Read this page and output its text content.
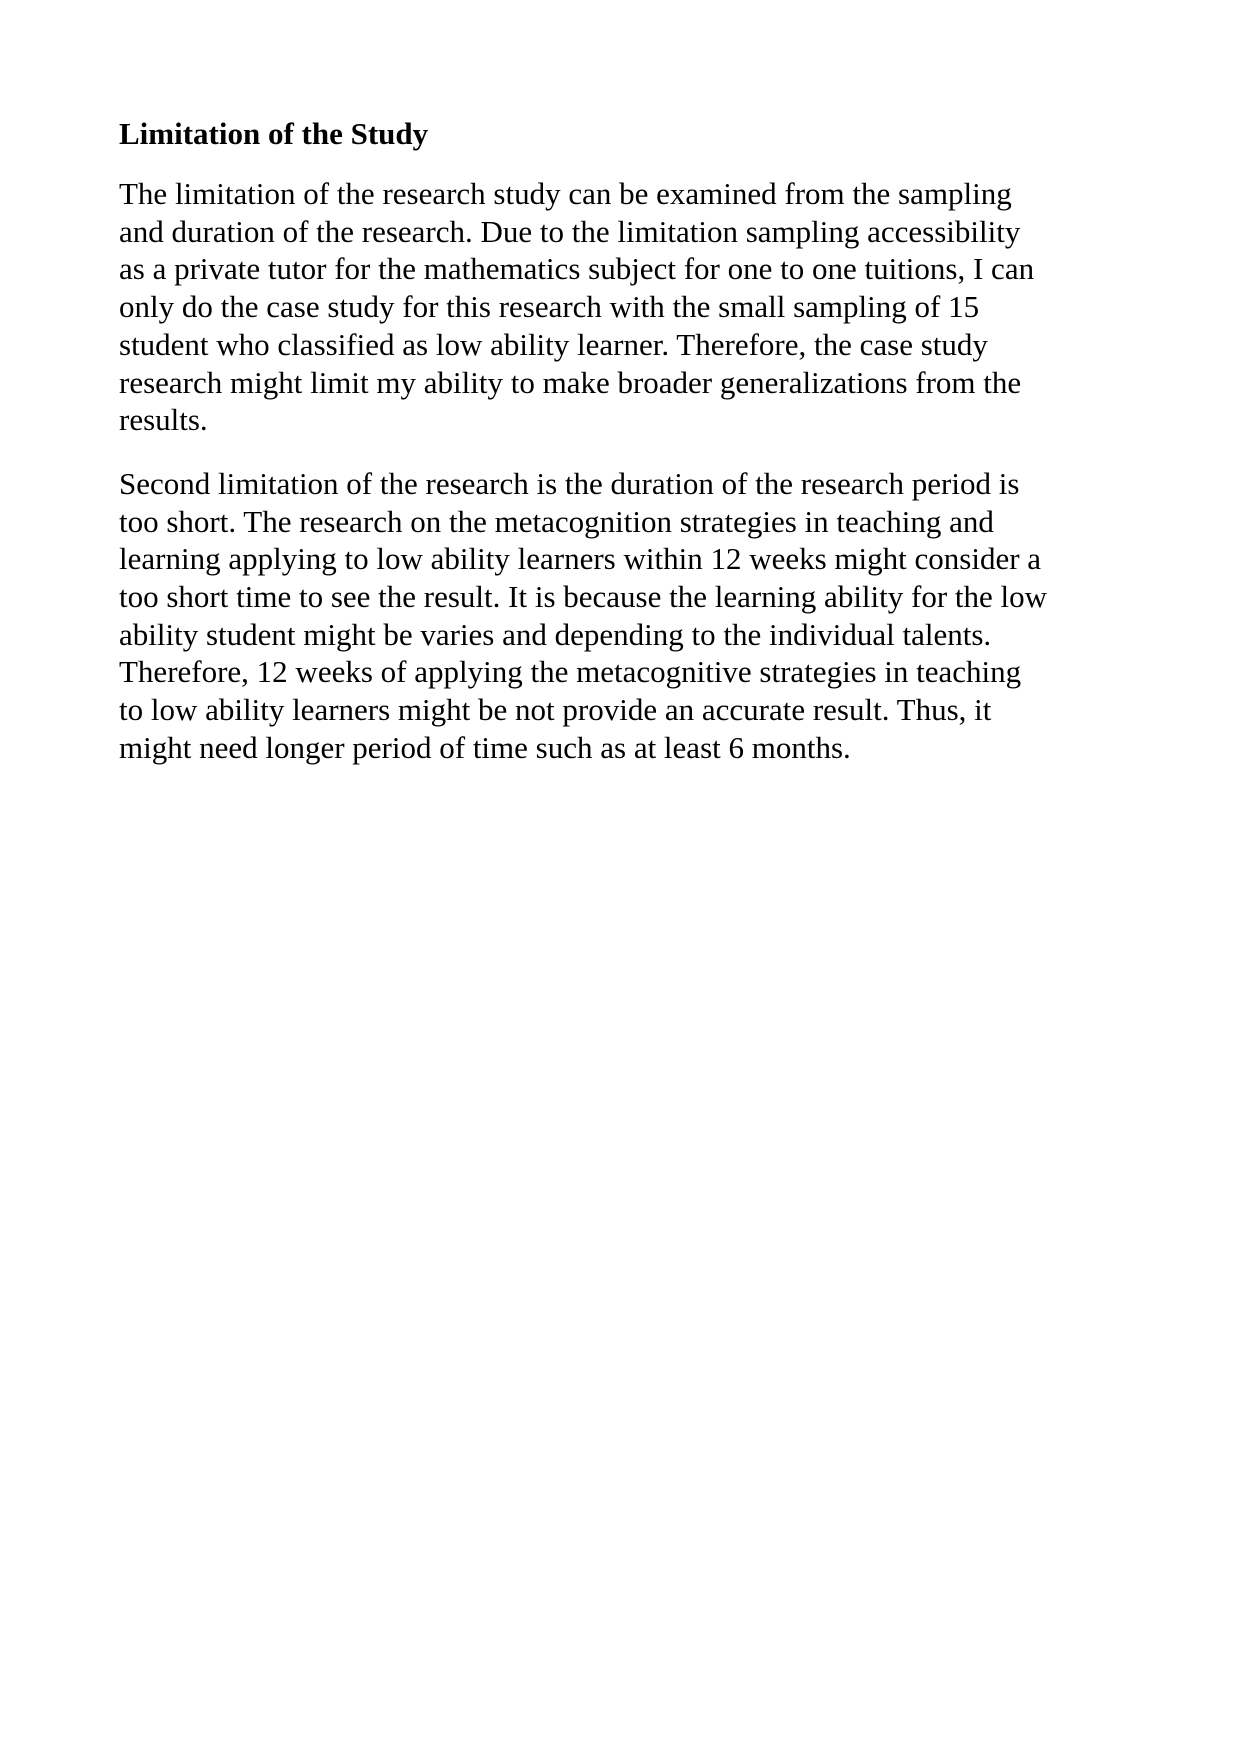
Limitation of the Study

The limitation of the research study can be examined from the sampling
and duration of the research. Due to the limitation sampling accessibility
as a private tutor for the mathematics subject for one to one tuitions, I can
only do the case study for this research with the small sampling of 15
student who classified as low ability learner. Therefore, the case study
research might limit my ability to make broader generalizations from the
results.

Second limitation of the research is the duration of the research period is
too short. The research on the metacognition strategies in teaching and
learning applying to low ability learners within 12 weeks might consider a
too short time to see the result. It is because the learning ability for the low
ability student might be varies and depending to the individual talents.
Therefore, 12 weeks of applying the metacognitive strategies in teaching
to low ability learners might be not provide an accurate result. Thus, it
might need longer period of time such as at least 6 months.
